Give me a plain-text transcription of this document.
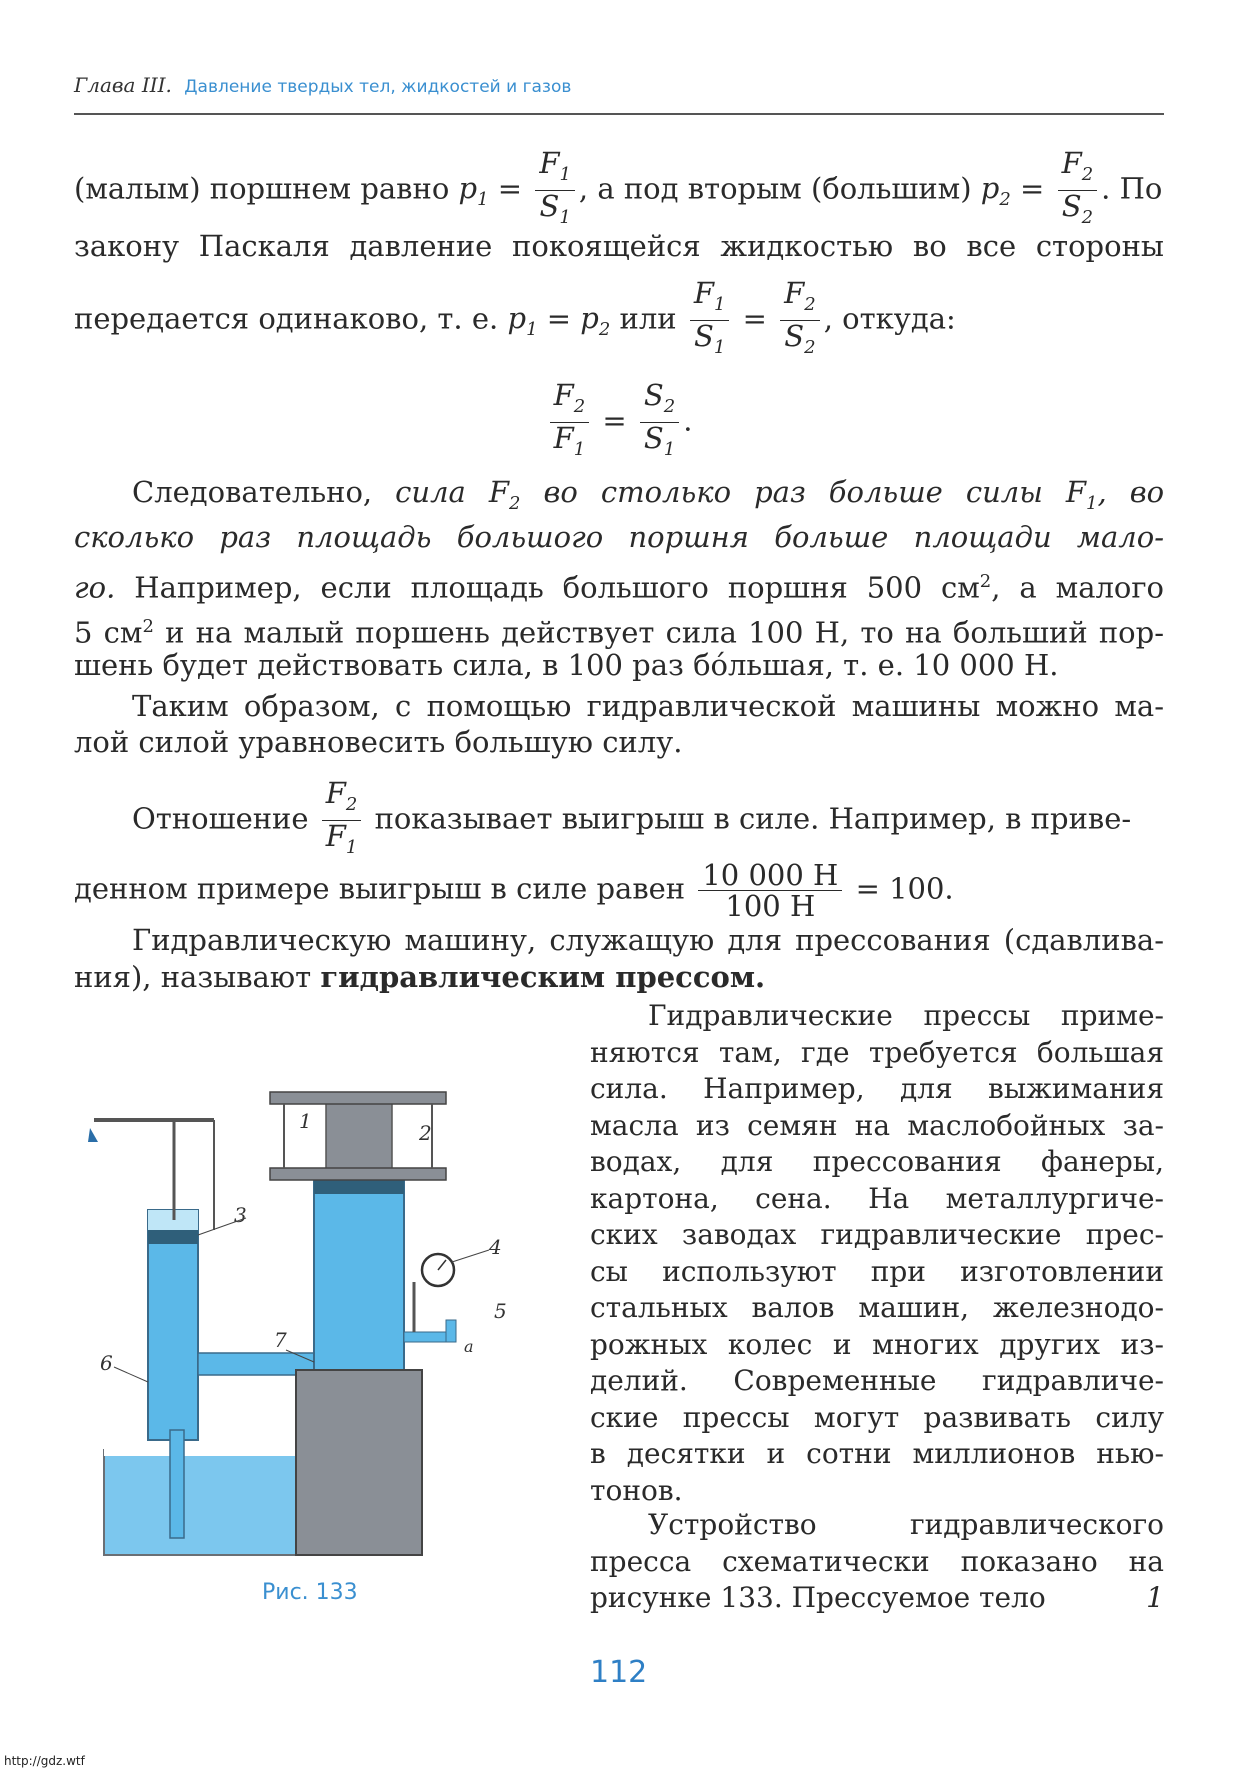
Глава III. Давление твердых тел, жидкостей и газов
(малым) поршнем равно $p_1 = \frac{F_1}{S_1}$ , а под вторым (большим) $p_2 = \frac{F_2}{S_2}$ . По
закону Паскаля давление покоящейся жидкостью во все стороны
передается одинаково, т. е. $p_1 = p_2$ или $\frac{F_1}{S_1} = \frac{F_2}{S_2}$ , откуда:
$\frac{F_2}{F_1} = \frac{S_2}{S_1}$ .
Следовательно, сила $F_2$ во столько раз больше силы $F_1$, во
сколько раз площадь большого поршня больше площади мало-
го. Например, если площадь большого поршня 500 $см^2$, а малого
5 $см^2$ и на малый поршень действует сила 100 Н, то на больший пор-
шень будет действовать сила, в 100 раз бо́льшая, т. е. 10 000 Н.
Таким образом, с помощью гидравлической машины можно ма-
лой силой уравновесить большую силу.
Отношение $\frac{F_2}{F_1}$ показывает выигрыш в силе. Например, в приве-
денном примере выигрыш в силе равен $\frac{10 000 Н}{100 Н} = 100$.
Гидравлическую машину, служащую для прессования (сдавлива-
ния), называют гидравлическим прессом.
Гидравлические прессы приме-
няются там, где требуется большая
сила. Например, для выжимания
масла из семян на маслобойных за-
водах, для прессования фанеры,
картона, сена. На металлургиче-
ских заводах гидравлические прес-
сы используют при изготовлении
стальных валов машин, железнодо-
рожных колес и многих других из-
делий. Современные гидравличе-
ские прессы могут развивать силу
в десятки и сотни миллионов нью-
тонов.
Устройство гидравлического
пресса схематически показано на
рисунке 133. Прессуемое тело	1
1	2
3
4
5
6
7	a
Рис. 133
112
http://gdz.wtf
